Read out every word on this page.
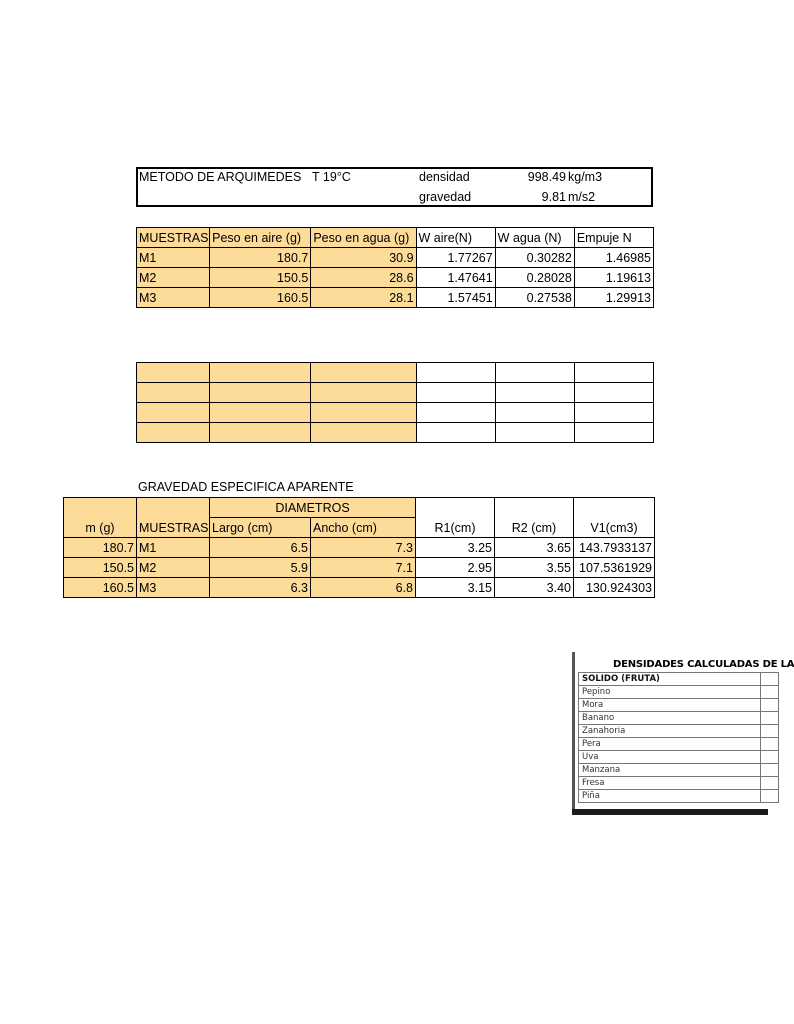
METODO DE ARQUIMEDES T 19°C	densidad	998.49 kg/m3
gravedad	9.81 m/s2
MUESTRAS	Peso en aire (g)	Peso en agua (g)	W aire(N)	W agua (N)	Empuje N
M1	180.7	30.9	1.77267	0.30282	1.46985
M2	150.5	28.6	1.47641	0.28028	1.19613
M3	160.5	28.1	1.57451	0.27538	1.29913

GRAVEDAD ESPECIFICA APARENTE
m (g)	MUESTRAS	DIAMETROS		R1(cm)	R2 (cm)	V1(cm3)
		Largo (cm)	Ancho (cm)			
180.7	M1	6.5	7.3	3.25	3.65	143.7933137
150.5	M2	5.9	7.1	2.95	3.55	107.5361929
160.5	M3	6.3	6.8	3.15	3.40	130.924303
DENSIDADES CALCULADAS DE LA
SOLIDO (FRUTA)	
Pepino	
Mora	
Banano	
Zanahoria	
Pera	
Uva	
Manzana	
Fresa	
Piña	
